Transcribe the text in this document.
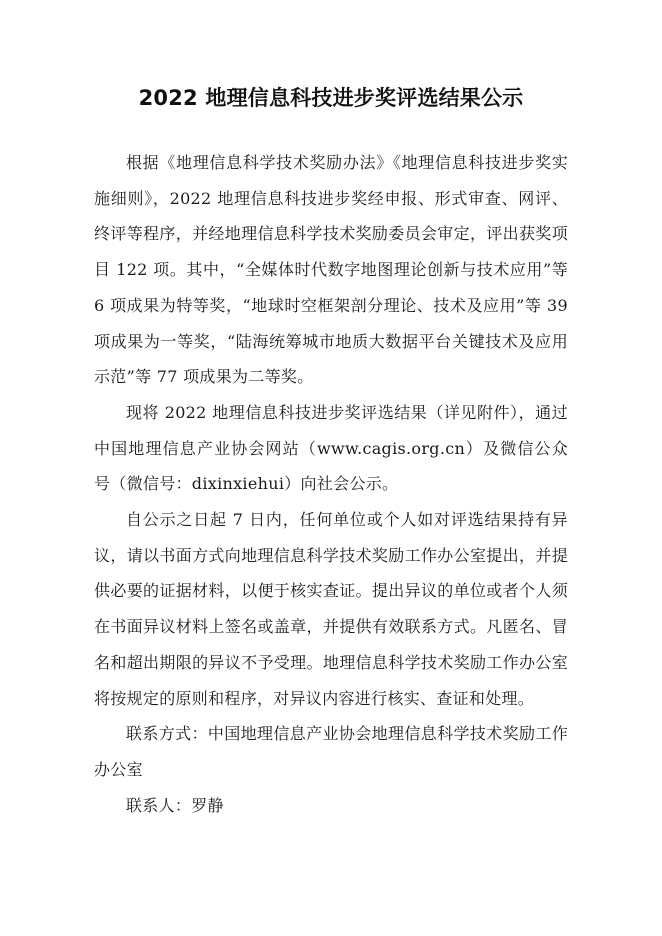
2022 地理信息科技进步奖评选结果公示

根据《地理信息科学技术奖励办法》《地理信息科技进步奖实施细则》，2022 地理信息科技进步奖经申报、形式审查、网评、终评等程序，并经地理信息科学技术奖励委员会审定，评出获奖项目 122 项。其中，“全媒体时代数字地图理论创新与技术应用”等 6 项成果为特等奖，“地球时空框架剖分理论、技术及应用”等 39 项成果为一等奖，“陆海统筹城市地质大数据平台关键技术及应用示范”等 77 项成果为二等奖。

现将 2022 地理信息科技进步奖评选结果（详见附件），通过中国地理信息产业协会网站（www.cagis.org.cn）及微信公众号（微信号：dixinxiehui）向社会公示。

自公示之日起 7 日内，任何单位或个人如对评选结果持有异议，请以书面方式向地理信息科学技术奖励工作办公室提出，并提供必要的证据材料，以便于核实查证。提出异议的单位或者个人须在书面异议材料上签名或盖章，并提供有效联系方式。凡匿名、冒名和超出期限的异议不予受理。地理信息科学技术奖励工作办公室将按规定的原则和程序，对异议内容进行核实、查证和处理。

联系方式：中国地理信息产业协会地理信息科学技术奖励工作办公室

联系人：罗静
